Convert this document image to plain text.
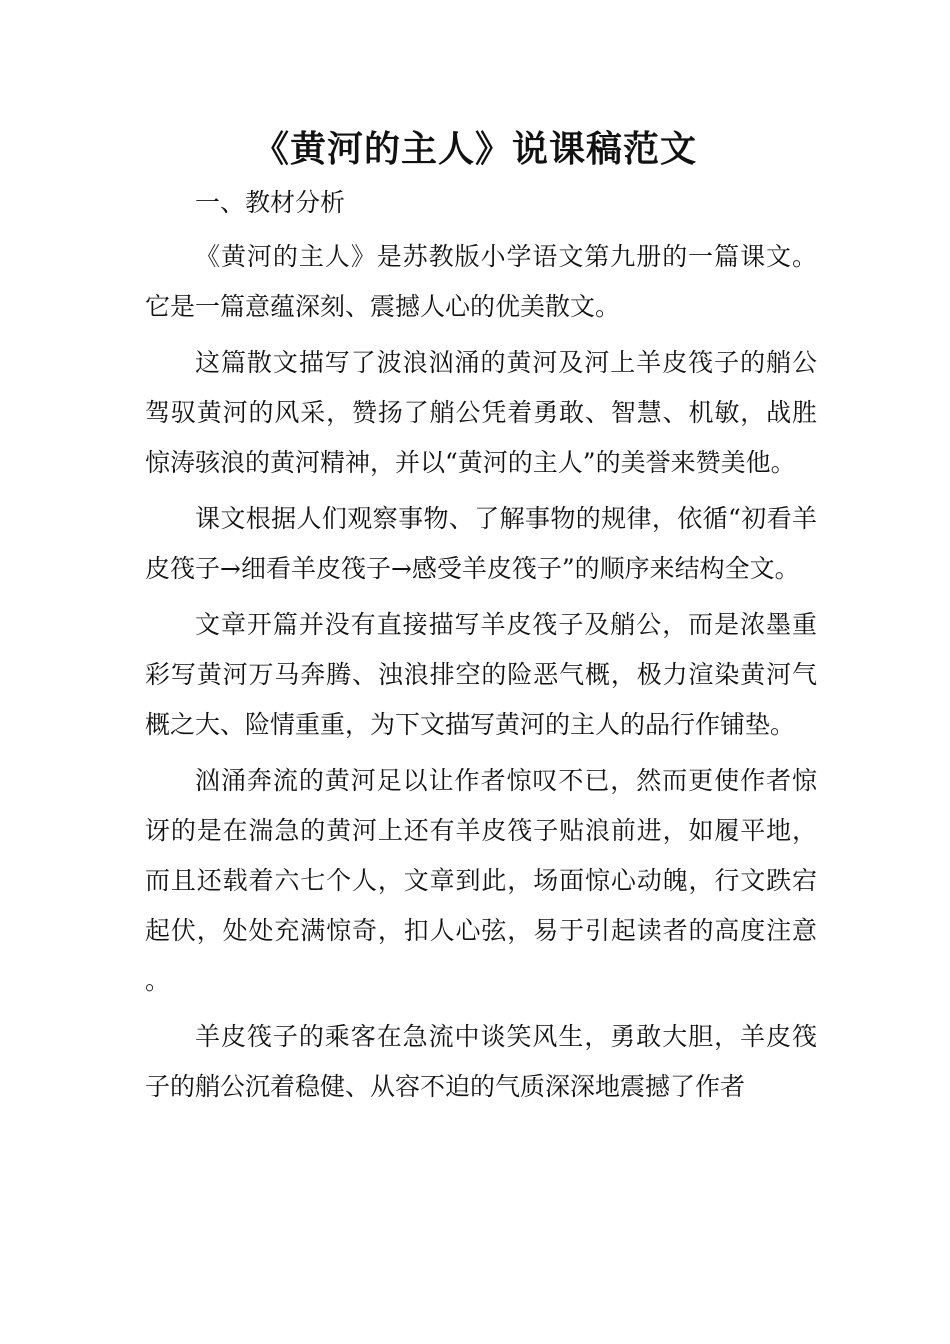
《黄河的主人》说课稿范文

一、教材分析

《黄河的主人》是苏教版小学语文第九册的一篇课文。它是一篇意蕴深刻、震撼人心的优美散文。

这篇散文描写了波浪汹涌的黄河及河上羊皮筏子的艄公驾驭黄河的风采，赞扬了艄公凭着勇敢、智慧、机敏，战胜惊涛骇浪的黄河精神，并以“黄河的主人”的美誉来赞美他。

课文根据人们观察事物、了解事物的规律，依循“初看羊皮筏子→细看羊皮筏子→感受羊皮筏子”的顺序来结构全文。

文章开篇并没有直接描写羊皮筏子及艄公，而是浓墨重彩写黄河万马奔腾、浊浪排空的险恶气概，极力渲染黄河气概之大、险情重重，为下文描写黄河的主人的品行作铺垫。

汹涌奔流的黄河足以让作者惊叹不已，然而更使作者惊讶的是在湍急的黄河上还有羊皮筏子贴浪前进，如履平地，而且还载着六七个人，文章到此，场面惊心动魄，行文跌宕起伏，处处充满惊奇，扣人心弦，易于引起读者的高度注意。

羊皮筏子的乘客在急流中谈笑风生，勇敢大胆，羊皮筏子的艄公沉着稳健、从容不迫的气质深深地震撼了作者
